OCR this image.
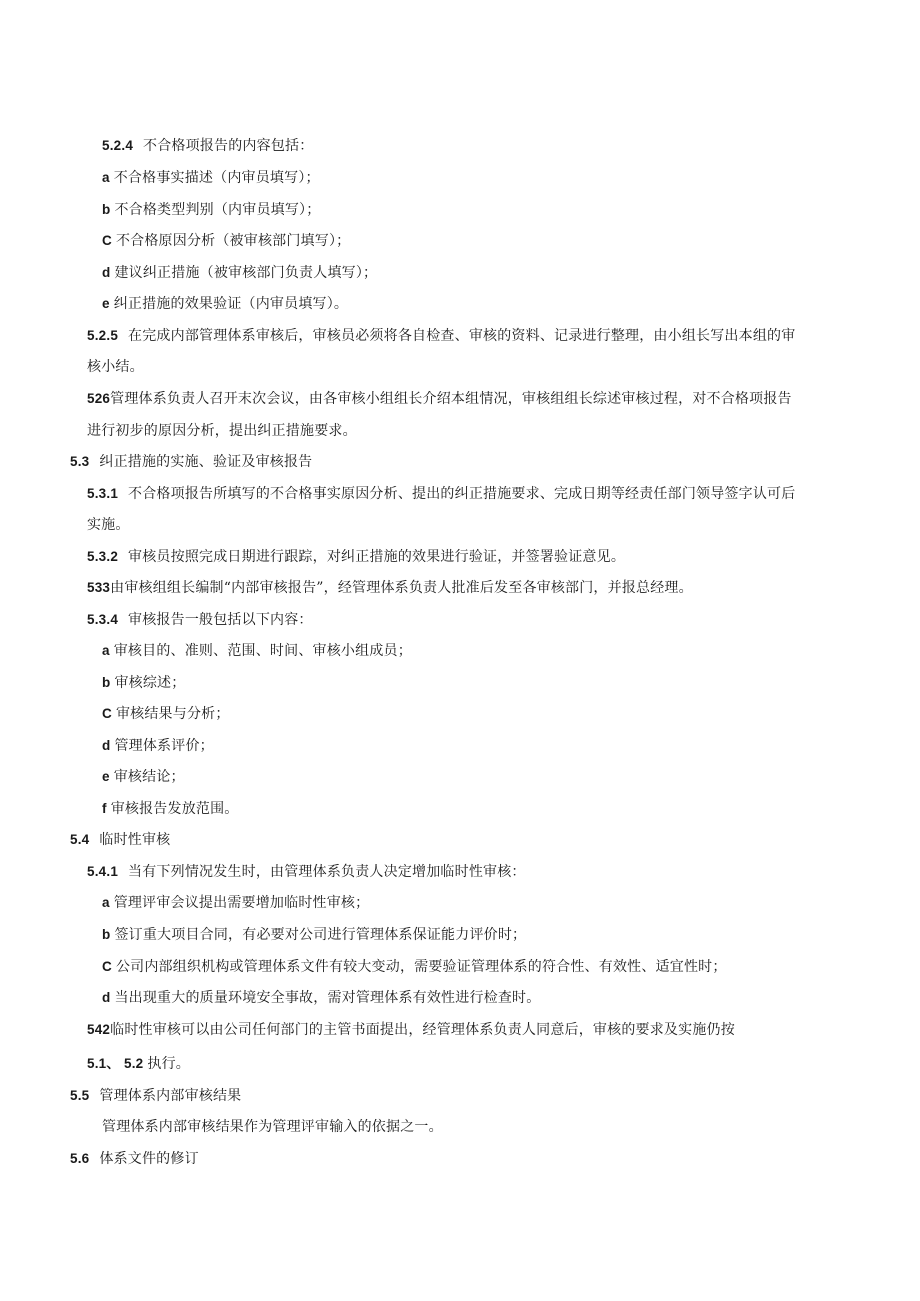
5.2.4 不合格项报告的内容包括：
a 不合格事实描述（内审员填写）；
b 不合格类型判别（内审员填写）；
C 不合格原因分析（被审核部门填写）；
d 建议纠正措施（被审核部门负责人填写）；
e 纠正措施的效果验证（内审员填写）。
5.2.5 在完成内部管理体系审核后，审核员必须将各自检查、审核的资料、记录进行整理，由小组长写出本组的审
核小结。
526管理体系负责人召开末次会议，由各审核小组组长介绍本组情况，审核组组长综述审核过程，对不合格项报告
进行初步的原因分析，提出纠正措施要求。
5.3 纠正措施的实施、验证及审核报告
5.3.1 不合格项报告所填写的不合格事实原因分析、提出的纠正措施要求、完成日期等经责任部门领导签字认可后
实施。
5.3.2 审核员按照完成日期进行跟踪，对纠正措施的效果进行验证，并签署验证意见。
533由审核组组长编制“内部审核报告”，经管理体系负责人批准后发至各审核部门，并报总经理。
5.3.4 审核报告一般包括以下内容：
a 审核目的、准则、范围、时间、审核小组成员；
b 审核综述；
C 审核结果与分析；
d 管理体系评价；
e 审核结论；
f 审核报告发放范围。
5.4 临时性审核
5.4.1 当有下列情况发生时，由管理体系负责人决定增加临时性审核：
a 管理评审会议提出需要增加临时性审核；
b 签订重大项目合同，有必要对公司进行管理体系保证能力评价时；
C 公司内部组织机构或管理体系文件有较大变动，需要验证管理体系的符合性、有效性、适宜性时；
d 当出现重大的质量环境安全事故，需对管理体系有效性进行检查时。
542临时性审核可以由公司任何部门的主管书面提出，经管理体系负责人同意后，审核的要求及实施仍按
5.1、 5.2 执行。
5.5 管理体系内部审核结果
管理体系内部审核结果作为管理评审输入的依据之一。
5.6 体系文件的修订
